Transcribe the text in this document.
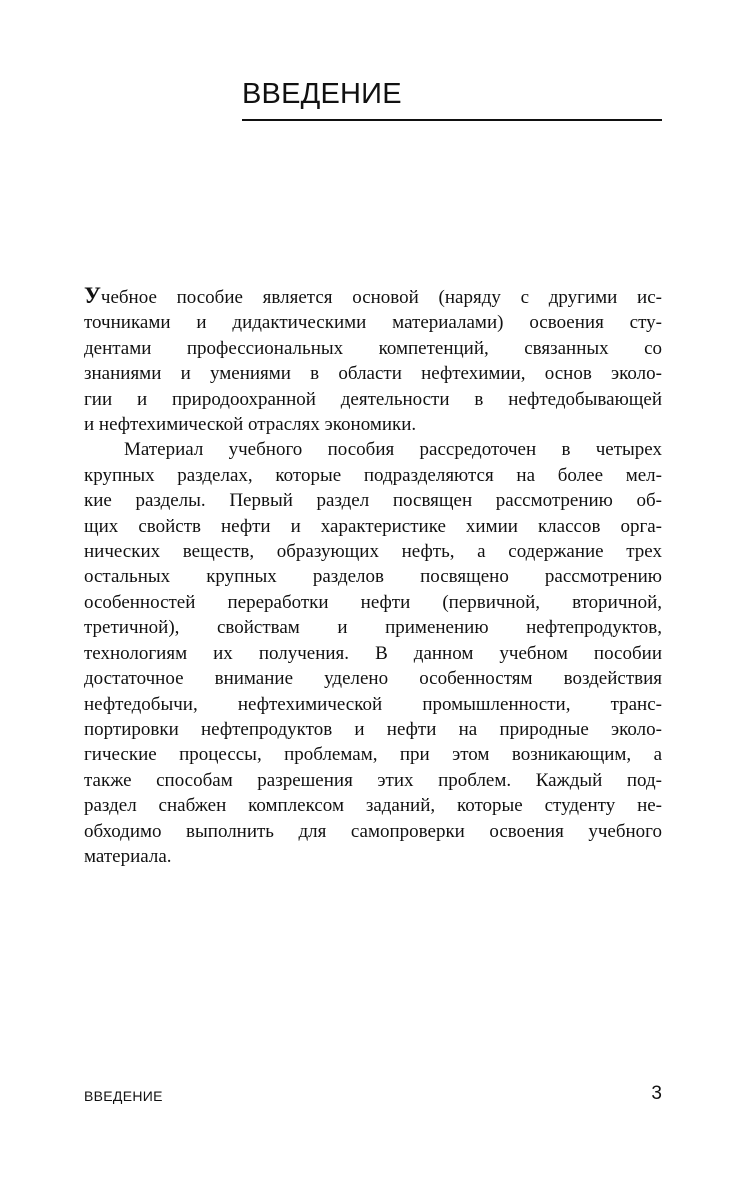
ВВЕДЕНИЕ
Учебное пособие является основой (наряду с другими ис-
точниками и дидактическими материалами) освоения сту-
дентами профессиональных компетенций, связанных со
знаниями и умениями в области нефтехимии, основ эколо-
гии и природоохранной деятельности в нефтедобывающей
и нефтехимической отраслях экономики.
Материал учебного пособия рассредоточен в четырех
крупных разделах, которые подразделяются на более мел-
кие разделы. Первый раздел посвящен рассмотрению об-
щих свойств нефти и характеристике химии классов орга-
нических веществ, образующих нефть, а содержание трех
остальных крупных разделов посвящено рассмотрению
особенностей переработки нефти (первичной, вторичной,
третичной), свойствам и применению нефтепродуктов,
технологиям их получения. В данном учебном пособии
достаточное внимание уделено особенностям воздействия
нефтедобычи, нефтехимической промышленности, транс-
портировки нефтепродуктов и нефти на природные эколо-
гические процессы, проблемам, при этом возникающим, а
также способам разрешения этих проблем. Каждый под-
раздел снабжен комплексом заданий, которые студенту не-
обходимо выполнить для самопроверки освоения учебного
материала.
ВВЕДЕНИЕ	3
